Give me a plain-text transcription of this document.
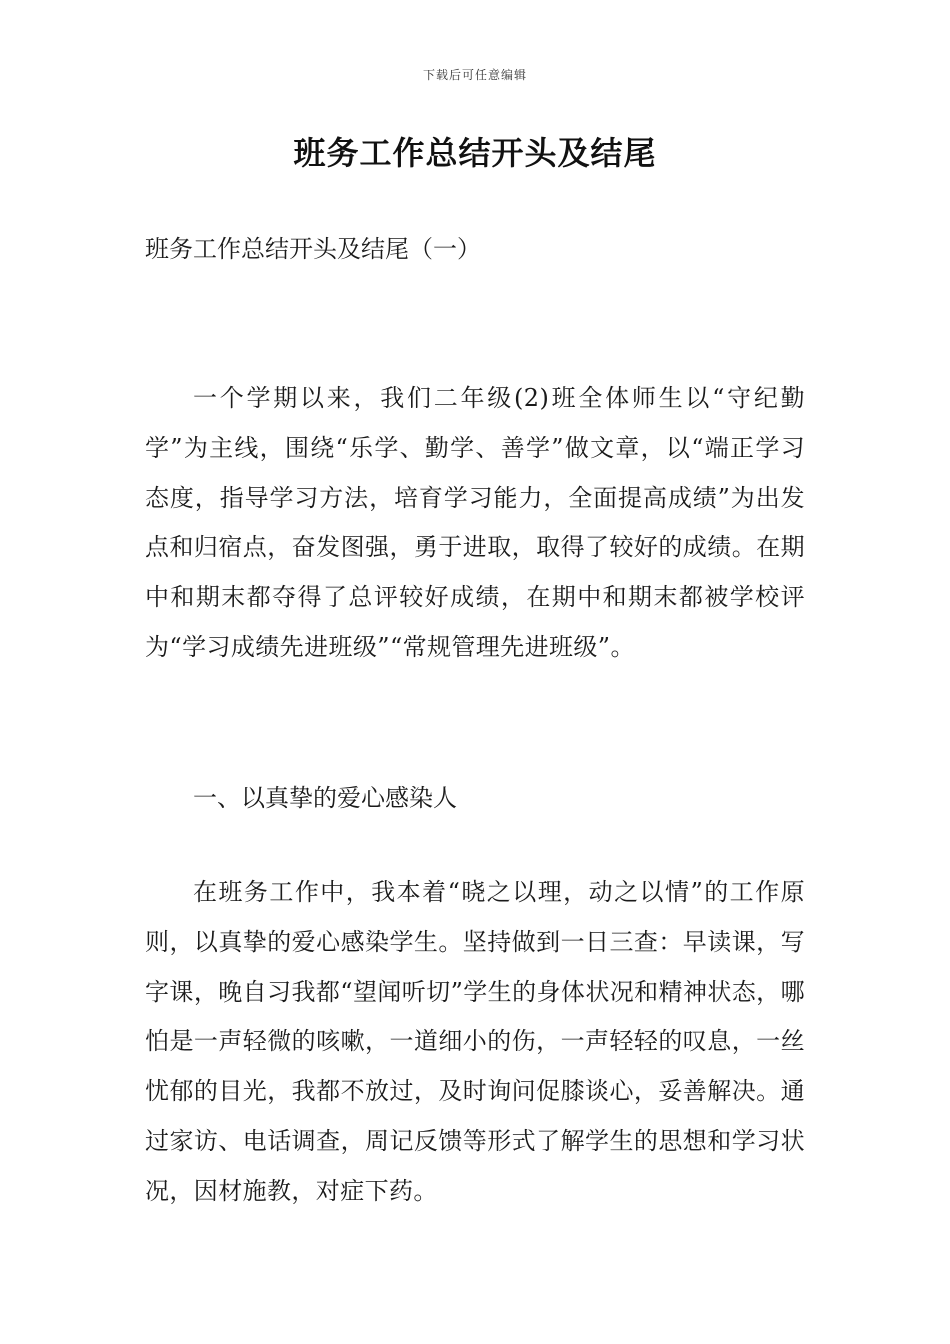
下载后可任意编辑
班务工作总结开头及结尾

班务工作总结开头及结尾（一）

一个学期以来，我们二年级(2)班全体师生以“守纪勤学”为主线，围绕“乐学、勤学、善学”做文章，以“端正学习态度，指导学习方法，培育学习能力，全面提高成绩”为出发点和归宿点，奋发图强，勇于进取，取得了较好的成绩。在期中和期末都夺得了总评较好成绩，在期中和期末都被学校评为“学习成绩先进班级”“常规管理先进班级”。

一、以真挚的爱心感染人

在班务工作中，我本着“晓之以理，动之以情”的工作原则，以真挚的爱心感染学生。坚持做到一日三查：早读课，写字课，晚自习我都“望闻听切”学生的身体状况和精神状态，哪怕是一声轻微的咳嗽，一道细小的伤，一声轻轻的叹息，一丝忧郁的目光，我都不放过，及时询问促膝谈心，妥善解决。通过家访、电话调查，周记反馈等形式了解学生的思想和学习状况，因材施教，对症下药。
